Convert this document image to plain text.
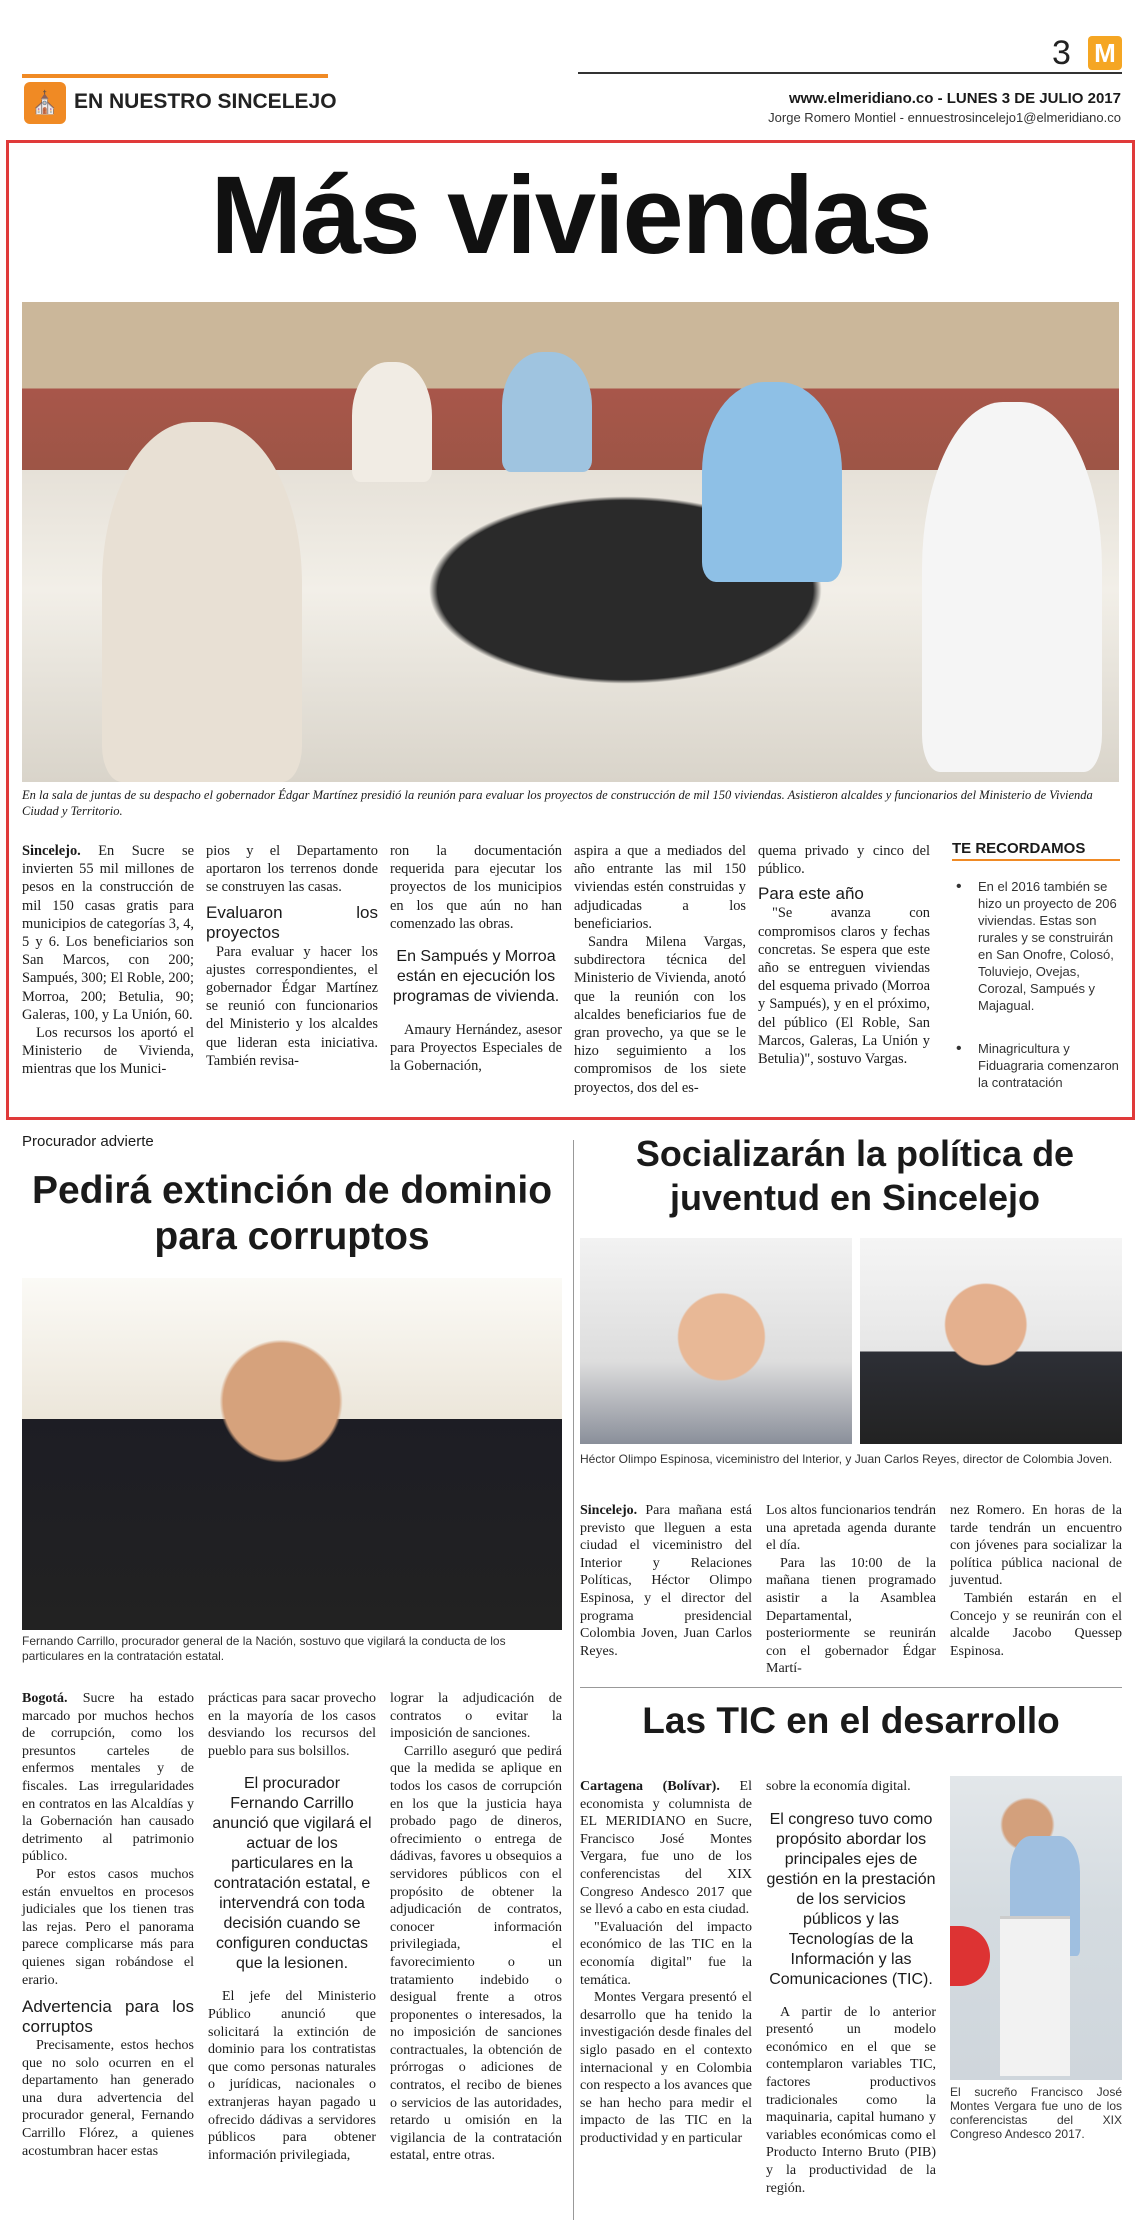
3 M
⛪ EN NUESTRO SINCELEJO	www.elmeridiano.co - LUNES 3 DE JULIO 2017
Jorge Romero Montiel - ennuestrosincelejo1@elmeridiano.co
Más viviendas
En la sala de juntas de su despacho el gobernador Édgar Martínez presidió la reunión para evaluar los proyectos de construcción de mil 150 viviendas. Asistieron alcaldes y funcionarios del Ministerio de Vivienda Ciudad y Territorio.

Sincelejo. En Sucre se invierten 55 mil millones de pesos en la construcción de mil 150 casas gratis para municipios de categorías 3, 4, 5 y 6. Los beneficiarios son San Marcos, con 200; Sampués, 300; El Roble, 200; Morroa, 200; Betulia, 90; Galeras, 100, y La Unión, 60.

Los recursos los aportó el Ministerio de Vivienda, mientras que los Munici-

pios y el Departamento aportaron los terrenos donde se construyen las casas.

Evaluaron los proyectos

Para evaluar y hacer los ajustes correspondientes, el gobernador Édgar Martínez se reunió con funcionarios del Ministerio y los alcaldes que lideran esta iniciativa. También revisa-

ron la documentación requerida para ejecutar los proyectos de los municipios en los que aún no han comenzado las obras.

En Sampués y Morroa están en ejecución los programas de vivienda.

Amaury Hernández, asesor para Proyectos Especiales de la Gobernación,

aspira a que a mediados del año entrante las mil 150 viviendas estén construidas y adjudicadas a los beneficiarios.

Sandra Milena Vargas, subdirectora técnica del Ministerio de Vivienda, anotó que la reunión con los alcaldes beneficiarios fue de gran provecho, ya que se le hizo seguimiento a los compromisos de los siete proyectos, dos del es-

quema privado y cinco del público.

Para este año

"Se avanza con compromisos claros y fechas concretas. Se espera que este año se entreguen viviendas del esquema privado (Morroa y Sampués), y en el próximo, del público (El Roble, San Marcos, Galeras, La Unión y Betulia)", sostuvo Vargas.

TE RECORDAMOS
• En el 2016 también se hizo un proyecto de 206 viviendas. Estas son rurales y se construirán en San Onofre, Colosó, Toluviejo, Ovejas, Corozal, Sampués y Majagual.
• Minagricultura y Fiduagraria comenzaron la contratación
Procurador advierte
Pedirá extinción de dominio para corruptos
Fernando Carrillo, procurador general de la Nación, sostuvo que vigilará la conducta de los particulares en la contratación estatal.

Bogotá. Sucre ha estado marcado por muchos hechos de corrupción, como los presuntos carteles de enfermos mentales y de fiscales. Las irregularidades en contratos en las Alcaldías y la Gobernación han causado detrimento al patrimonio público.

Por estos casos muchos están envueltos en procesos judiciales que los tienen tras las rejas. Pero el panorama parece complicarse más para quienes sigan robándose el erario.

Advertencia para los corruptos

Precisamente, estos hechos que no solo ocurren en el departamento han generado una dura advertencia del procurador general, Fernando Carrillo Flórez, a quienes acostumbran hacer estas

prácticas para sacar provecho en la mayoría de los casos desviando los recursos del pueblo para sus bolsillos.

El procurador Fernando Carrillo anunció que vigilará el actuar de los particulares en la contratación estatal, e intervendrá con toda decisión cuando se configuren conductas que la lesionen.

El jefe del Ministerio Público anunció que solicitará la extinción de dominio para los contratistas que como personas naturales o jurídicas, nacionales o extranjeras hayan pagado u ofrecido dádivas a servidores públicos para obtener información privilegiada,

lograr la adjudicación de contratos o evitar la imposición de sanciones.

Carrillo aseguró que pedirá que la medida se aplique en todos los casos de corrupción en los que la justicia haya probado pago de dineros, ofrecimiento o entrega de dádivas, favores u obsequios a servidores públicos con el propósito de obtener la adjudicación de contratos, conocer información privilegiada, el favorecimiento o un tratamiento indebido o desigual frente a otros proponentes o interesados, la no imposición de sanciones contractuales, la obtención de prórrogas o adiciones de contratos, el recibo de bienes o servicios de las autoridades, retardo u omisión en la vigilancia de la contratación estatal, entre otras.

Socializarán la política de juventud en Sincelejo
Héctor Olimpo Espinosa, viceministro del Interior, y Juan Carlos Reyes, director de Colombia Joven.

Sincelejo. Para mañana está previsto que lleguen a esta ciudad el viceministro del Interior y Relaciones Políticas, Héctor Olimpo Espinosa, y el director del programa presidencial Colombia Joven, Juan Carlos Reyes.

Los altos funcionarios tendrán una apretada agenda durante el día.

Para las 10:00 de la mañana tienen programado asistir a la Asamblea Departamental, posteriormente se reunirán con el gobernador Édgar Martí-

nez Romero. En horas de la tarde tendrán un encuentro con jóvenes para socializar la política pública nacional de juventud.

También estarán en el Concejo y se reunirán con el alcalde Jacobo Quessep Espinosa.

Las TIC en el desarrollo

Cartagena (Bolívar). El economista y columnista de EL MERIDIANO en Sucre, Francisco José Montes Vergara, fue uno de los conferencistas del XIX Congreso Andesco 2017 que se llevó a cabo en esta ciudad.

"Evaluación del impacto económico de las TIC en la economía digital" fue la temática.

Montes Vergara presentó el desarrollo que ha tenido la investigación desde finales del siglo pasado en el contexto internacional y en Colombia con respecto a los avances que se han hecho para medir el impacto de las TIC en la productividad y en particular

sobre la economía digital.

El congreso tuvo como propósito abordar los principales ejes de gestión en la prestación de los servicios públicos y las Tecnologías de la Información y las Comunicaciones (TIC).

A partir de lo anterior presentó un modelo económico en el que se contemplaron variables TIC, factores productivos tradicionales como la maquinaria, capital humano y variables económicas como el Producto Interno Bruto (PIB) y la productividad de la región.

El sucreño Francisco José Montes Vergara fue uno de los conferencistas del XIX Congreso Andesco 2017.
